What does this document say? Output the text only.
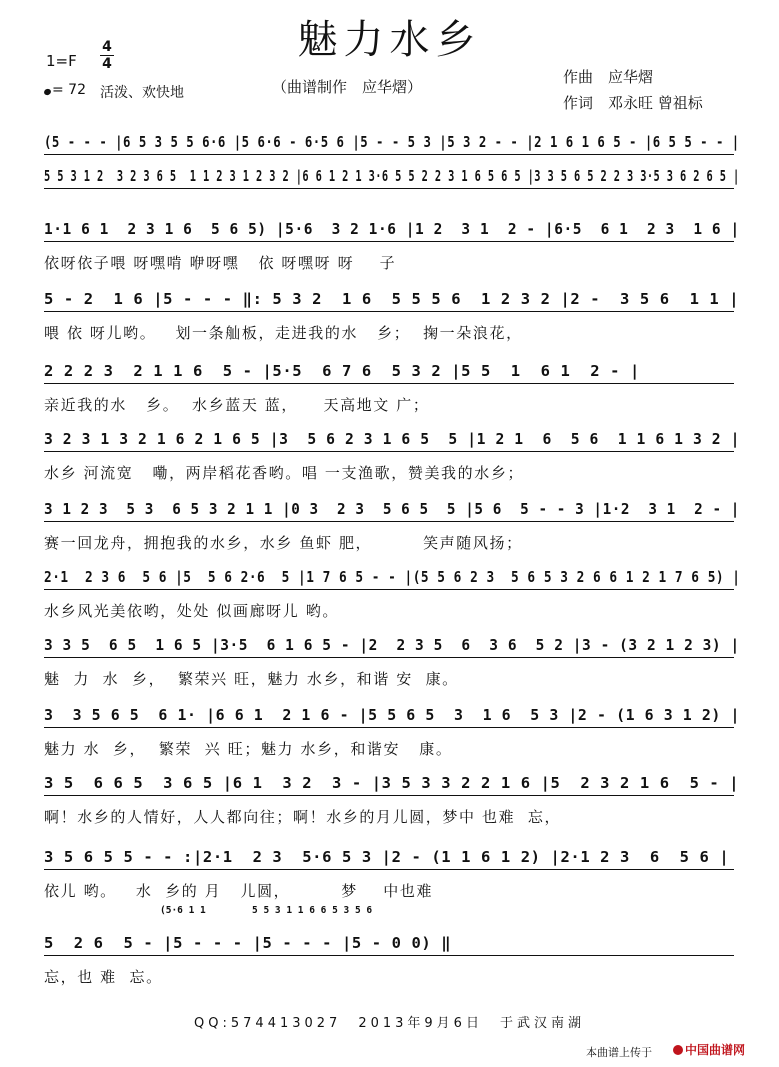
魅力水乡
1=F
4
4
= 72 活泼、欢快地	（曲谱制作　应华熠）
作曲　应华熠
作词　邓永旺 曾祖标
(5 - - - |6 5 3 5 5 6·6 |5 6·6 - 6·5 6 |5 - - 5 3 |5 3 2 - - |2 1 6 1 6 5 - |6 5 5 - - |
5 5 3 1 2  3 2 3 6 5  1 1 2 3 1 2 3 2 |6 6 1 2 1 3·6 5 5 2 2 3 1 6 5 6 5 |3 3 5 6 5 2 2 3 3·5 3 6 2 6 5 |
1·1 6 1  2 3 1 6  5 6 5) |5·6  3 2 1·6 |1 2  3 1  2 - |6·5  6 1  2 3  1 6 |
依呀依子喂 呀嘿啃 咿呀嘿   依 呀嘿呀 呀    子
5 - 2  1 6 |5 - - - ‖: 5 3 2  1 6  5 5 5 6  1 2 3 2 |2 -  3 5 6  1 1 |
喂 依 呀儿哟。   划一条舢板，走进我的水   乡；  掬一朵浪花，
2 2 2 3  2 1 1 6  5 - |5·5  6 7 6  5 3 2 |5 5  1  6 1  2 - |
亲近我的水   乡。  水乡蓝天 蓝，    天高地文 广；
3 2 3 1 3 2 1 6 2 1 6 5 |3  5 6 2 3 1 6 5  5 |1 2 1  6  5 6  1 1 6 1 3 2 |
水乡 河流宽   嘞，两岸稻花香哟。唱 一支渔歌，赞美我的水乡；
3 1 2 3  5 3  6 5 3 2 1 1 |0 3  2 3  5 6 5  5 |5 6  5 - - 3 |1·2  3 1  2 - |
赛一回龙舟，拥抱我的水乡，水乡 鱼虾 肥，        笑声随风扬；
2·1  2 3 6  5 6 |5  5 6 2·6  5 |1 7 6 5 - - |(5 5 6 2 3  5 6 5 3 2 6 6 1 2 1 7 6 5) |
水乡风光美依哟，处处 似画廊呀儿 哟。
3 3 5  6 5  1 6 5 |3·5  6 1 6 5 - |2  2 3 5  6  3 6  5 2 |3 - (3 2 1 2 3) |
魅  力  水  乡，  繁荣兴 旺，魅力 水乡，和谐 安  康。
3  3 5 6 5  6 1· |6 6 1  2 1 6 - |5 5 6 5  3  1 6  5 3 |2 - (1 6 3 1 2) |
魅力 水  乡，  繁荣  兴 旺；魅力 水乡，和谐安   康。
3 5  6 6 5  3 6 5 |6 1  3 2  3 - |3 5 3 3 2 2 1 6 |5  2 3 2 1 6  5 - |
啊！水乡的人情好，人人都向往；啊！水乡的月儿圆，梦中 也难  忘，
3 5 6 5 5 - - :|2·1  2 3  5·6 5 3 |2 - (1 1 6 1 2) |2·1 2 3  6  5 6 |
依儿 哟。   水  乡的 月   儿圆，        梦    中也难
5  2 6  5 - |5 - - - |5 - - - |5 - 0 0) ‖
忘，也 难  忘。
(5·6 1 1	5 5 3 1 1 6 6 5 3 5 6
QQ:574413027　2013年9月6日　于武汉南湖
本曲谱上传于	中国曲谱网
